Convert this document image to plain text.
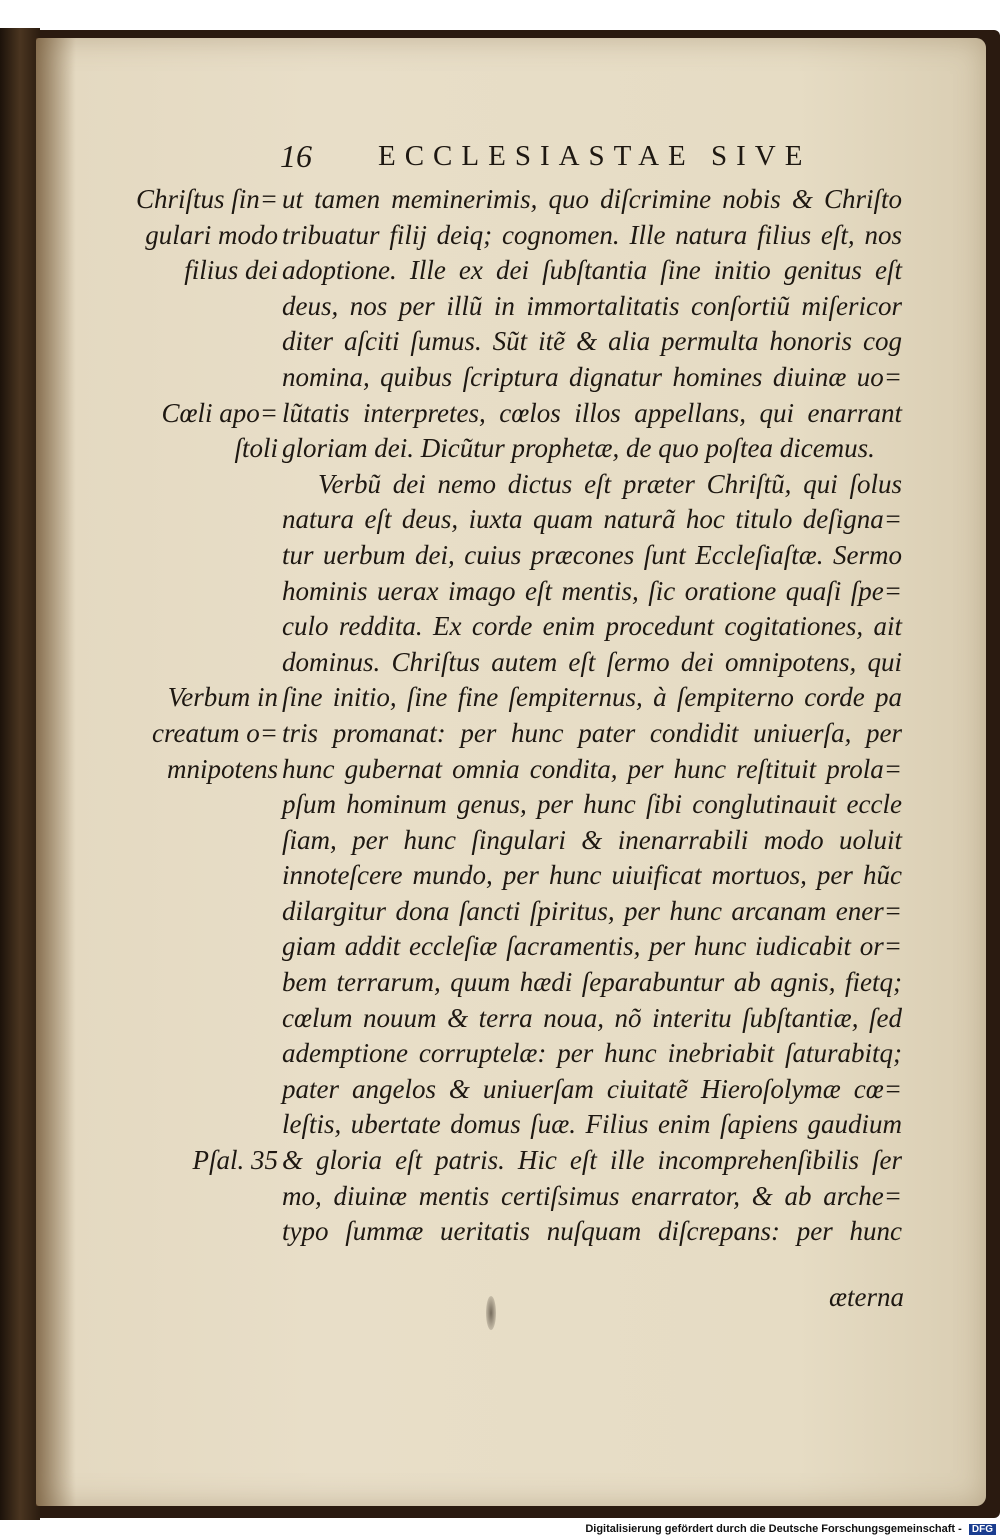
16 ECCLESIASTAE SIVE
Chriſtus ſin=
gulari modo
filius dei
Cœli apo=
ſtoli
Verbum in
creatum o=
mnipotens
Pſal. 35
ut tamen meminerimis, quo diſcrimine nobis & Chriſto
tribuatur filij deiq; cognomen. Ille natura filius eſt, nos
adoptione. Ille ex dei ſubſtantia ſine initio genitus eſt
deus, nos per illũ in immortalitatis conſortiũ miſericor
diter aſciti ſumus. Sũt itẽ & alia permulta honoris cog
nomina, quibus ſcriptura dignatur homines diuinæ uo=
lũtatis interpretes, cœlos illos appellans, qui enarrant
gloriam dei. Dicũtur prophetæ, de quo poſtea dicemus.
Verbũ dei nemo dictus eſt præter Chriſtũ, qui ſolus
natura eſt deus, iuxta quam naturã hoc titulo deſigna=
tur uerbum dei, cuius præcones ſunt Eccleſiaſtæ. Sermo
hominis uerax imago eſt mentis, ſic oratione quaſi ſpe=
culo reddita. Ex corde enim procedunt cogitationes, ait
dominus. Chriſtus autem eſt ſermo dei omnipotens, qui
ſine initio, ſine fine ſempiternus, à ſempiterno corde pa
tris promanat: per hunc pater condidit uniuerſa, per
hunc gubernat omnia condita, per hunc reſtituit prola=
pſum hominum genus, per hunc ſibi conglutinauit eccle
ſiam, per hunc ſingulari & inenarrabili modo uoluit
innoteſcere mundo, per hunc uiuificat mortuos, per hũc
dilargitur dona ſancti ſpiritus, per hunc arcanam ener=
giam addit eccleſiæ ſacramentis, per hunc iudicabit or=
bem terrarum, quum hædi ſeparabuntur ab agnis, fietq;
cœlum nouum & terra noua, nõ interitu ſubſtantiæ, ſed
ademptione corruptelæ: per hunc inebriabit ſaturabitq;
pater angelos & uniuerſam ciuitatẽ Hieroſolymæ cœ=
leſtis, ubertate domus ſuæ. Filius enim ſapiens gaudium
& gloria eſt patris. Hic eſt ille incomprehenſibilis ſer
mo, diuinæ mentis certiſsimus enarrator, & ab arche=
typo ſummæ ueritatis nuſquam diſcrepans: per hunc
æterna
Digitalisierung gefördert durch die Deutsche Forschungsgemeinschaft - DFG
